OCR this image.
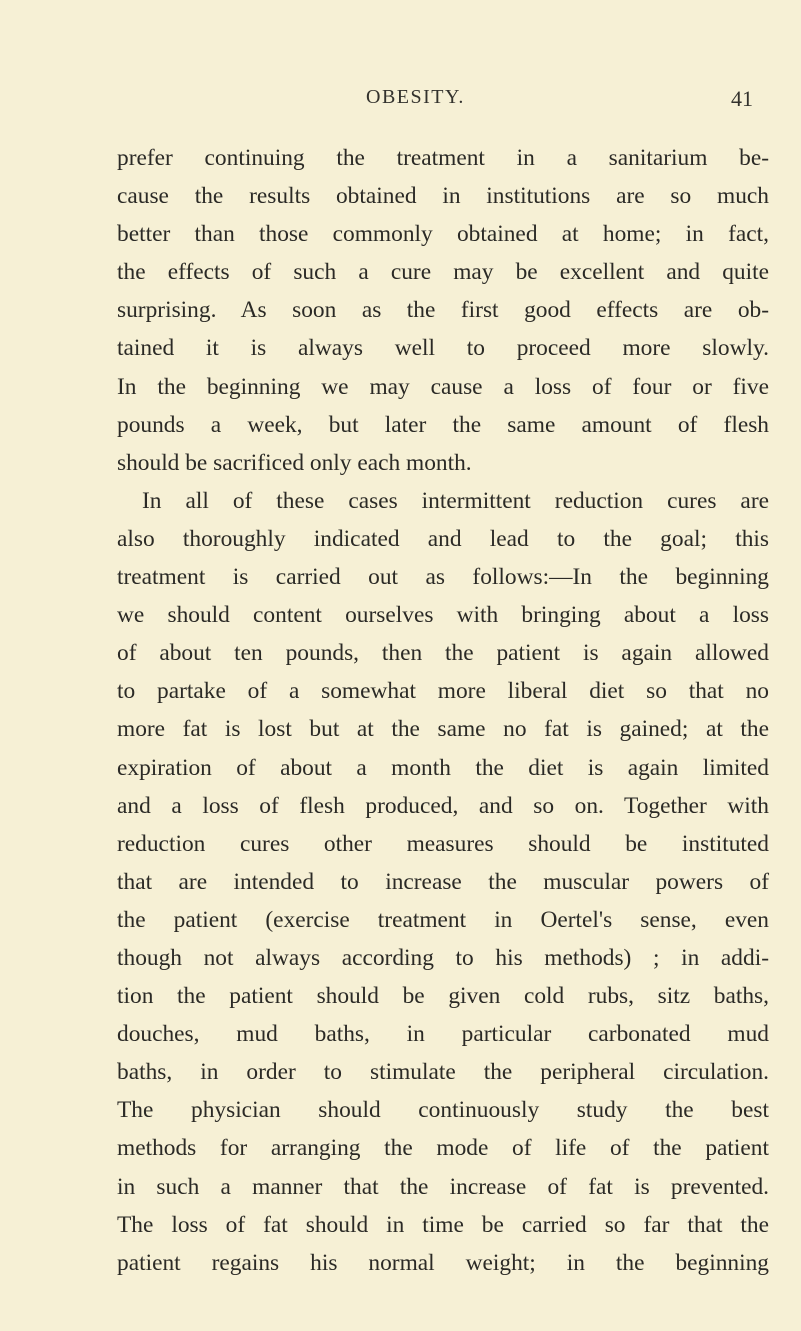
OBESITY.	41
prefer continuing the treatment in a sanitarium be-
cause the results obtained in institutions are so much
better than those commonly obtained at home; in fact,
the effects of such a cure may be excellent and quite
surprising. As soon as the first good effects are ob-
tained it is always well to proceed more slowly.
In the beginning we may cause a loss of four or five
pounds a week, but later the same amount of flesh
should be sacrificed only each month.
In all of these cases intermittent reduction cures are
also thoroughly indicated and lead to the goal; this
treatment is carried out as follows:—In the beginning
we should content ourselves with bringing about a loss
of about ten pounds, then the patient is again allowed
to partake of a somewhat more liberal diet so that no
more fat is lost but at the same no fat is gained; at the
expiration of about a month the diet is again limited
and a loss of flesh produced, and so on. Together with
reduction cures other measures should be instituted
that are intended to increase the muscular powers of
the patient (exercise treatment in Oertel's sense, even
though not always according to his methods) ; in addi-
tion the patient should be given cold rubs, sitz baths,
douches, mud baths, in particular carbonated mud
baths, in order to stimulate the peripheral circulation.
The physician should continuously study the best
methods for arranging the mode of life of the patient
in such a manner that the increase of fat is prevented.
The loss of fat should in time be carried so far that the
patient regains his normal weight; in the beginning
